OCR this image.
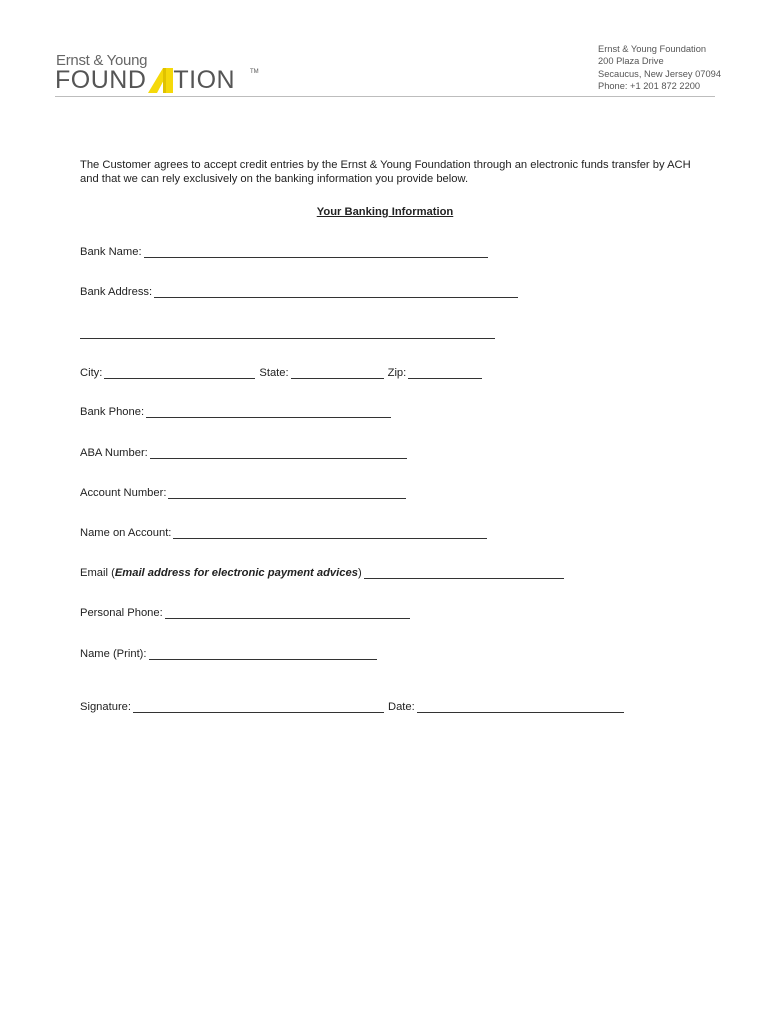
Ernst & Young
FOUND TION TM
Ernst & Young Foundation
200 Plaza Drive
Secaucus, New Jersey 07094
Phone: +1 201 872 2200
The Customer agrees to accept credit entries by the Ernst & Young Foundation through an electronic funds transfer by ACH and that we can rely exclusively on the banking information you provide below.
Your Banking Information
Bank Name:
Bank Address:
City:	State:	Zip:
Bank Phone:
ABA Number:
Account Number:
Name on Account:
Email ( Email address for electronic payment advices )
Personal Phone:
Name (Print):
Signature:	Date:
